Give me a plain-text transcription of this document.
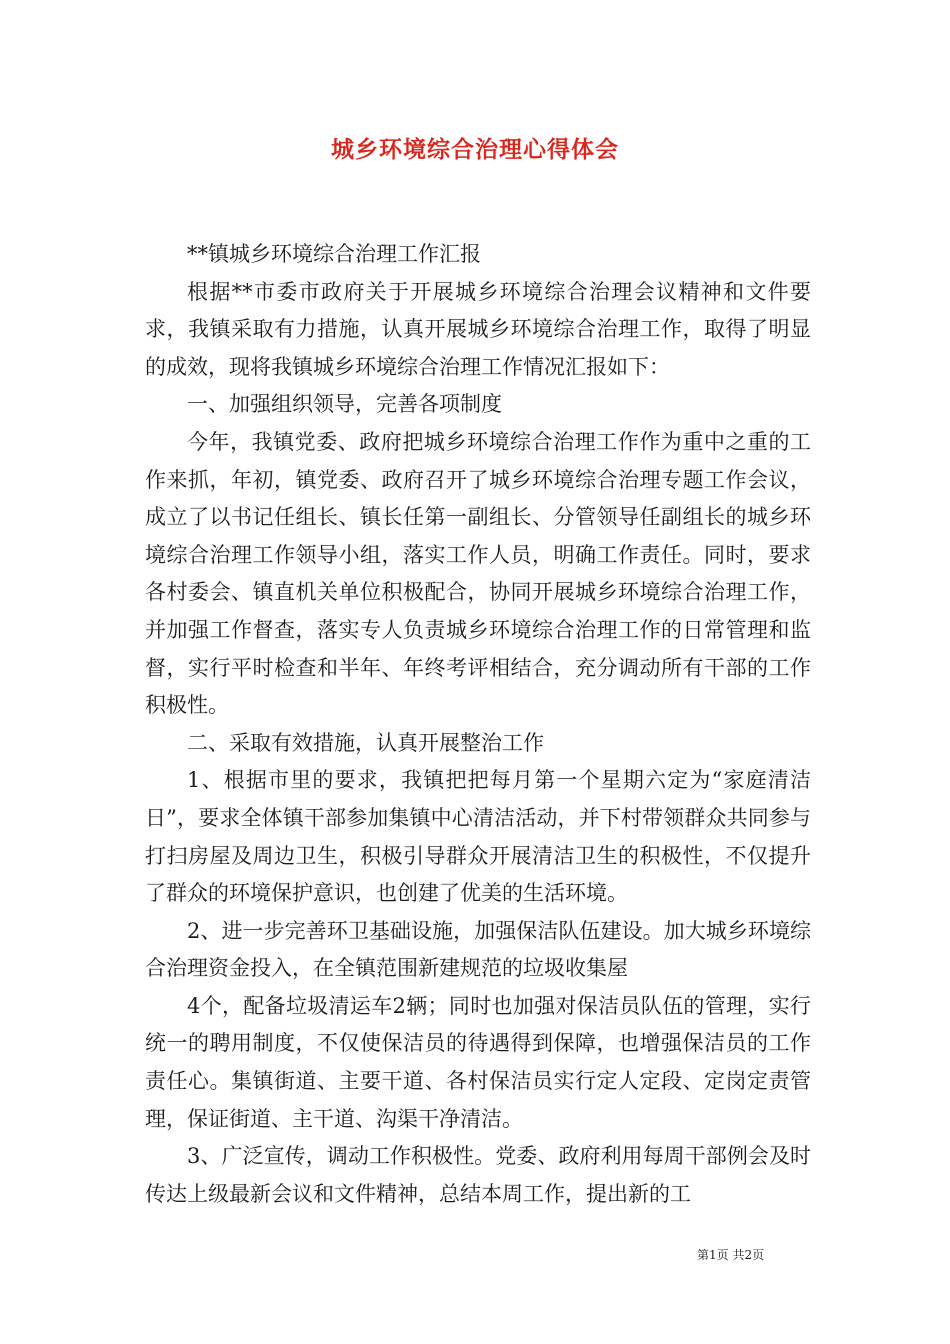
城乡环境综合治理心得体会

**镇城乡环境综合治理工作汇报

根据**市委市政府关于开展城乡环境综合治理会议精神和文件要求，我镇采取有力措施，认真开展城乡环境综合治理工作，取得了明显的成效，现将我镇城乡环境综合治理工作情况汇报如下：

一、加强组织领导，完善各项制度

今年，我镇党委、政府把城乡环境综合治理工作作为重中之重的工作来抓，年初，镇党委、政府召开了城乡环境综合治理专题工作会议，成立了以书记任组长、镇长任第一副组长、分管领导任副组长的城乡环境综合治理工作领导小组，落实工作人员，明确工作责任。同时，要求各村委会、镇直机关单位积极配合，协同开展城乡环境综合治理工作，并加强工作督查，落实专人负责城乡环境综合治理工作的日常管理和监督，实行平时检查和半年、年终考评相结合，充分调动所有干部的工作积极性。

二、采取有效措施，认真开展整治工作

1、根据市里的要求，我镇把把每月第一个星期六定为“家庭清洁日”，要求全体镇干部参加集镇中心清洁活动，并下村带领群众共同参与打扫房屋及周边卫生，积极引导群众开展清洁卫生的积极性，不仅提升了群众的环境保护意识，也创建了优美的生活环境。

2、进一步完善环卫基础设施，加强保洁队伍建设。加大城乡环境综合治理资金投入，在全镇范围新建规范的垃圾收集屋

4个，配备垃圾清运车2辆；同时也加强对保洁员队伍的管理，实行统一的聘用制度，不仅使保洁员的待遇得到保障，也增强保洁员的工作责任心。集镇街道、主要干道、各村保洁员实行定人定段、定岗定责管理，保证街道、主干道、沟渠干净清洁。

3、广泛宣传，调动工作积极性。党委、政府利用每周干部例会及时传达上级最新会议和文件精神，总结本周工作，提出新的工

第1页 共2页
